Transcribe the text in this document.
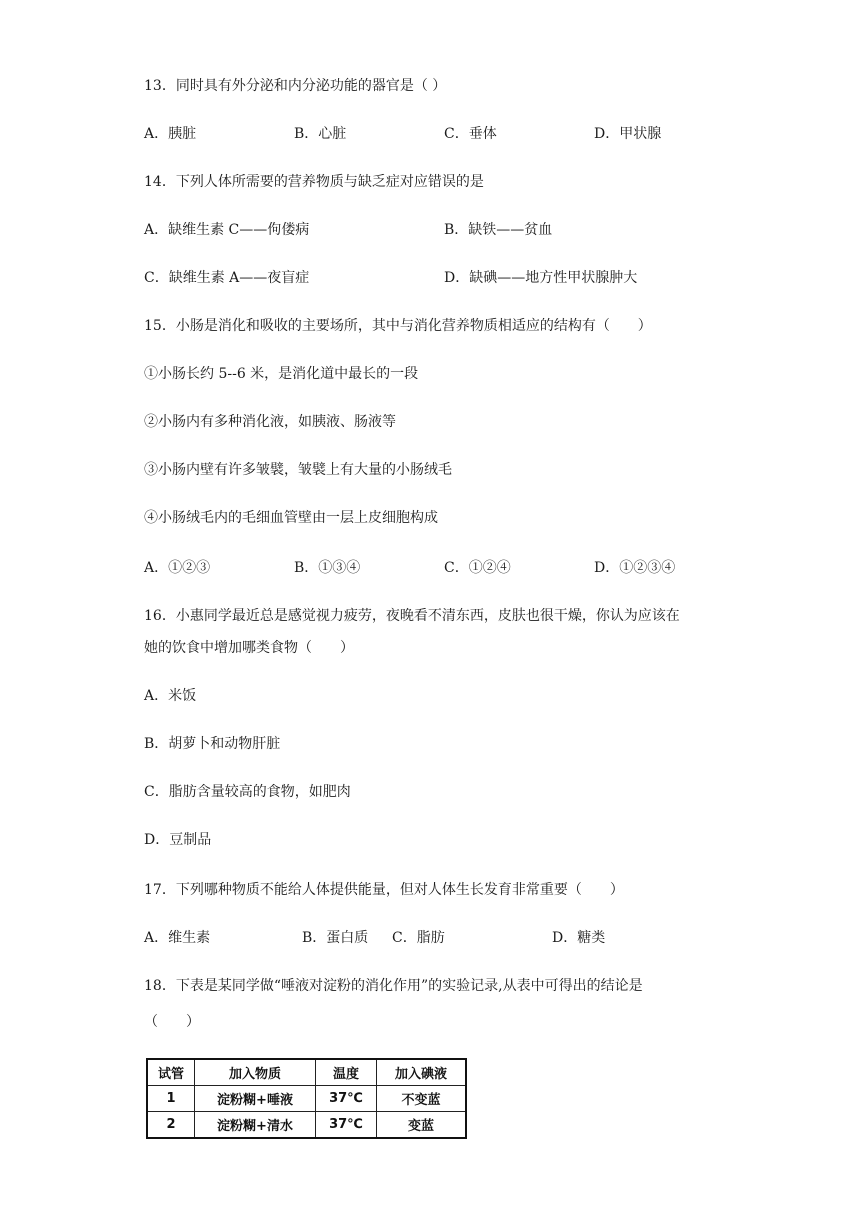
13．同时具有外分泌和内分泌功能的器官是（ ）
A．胰脏	B．心脏	C．垂体	D．甲状腺
14．下列人体所需要的营养物质与缺乏症对应错误的是
A．缺维生素 C——佝偻病	B．缺铁——贫血
C．缺维生素 A——夜盲症	D．缺碘——地方性甲状腺肿大
15．小肠是消化和吸收的主要场所，其中与消化营养物质相适应的结构有（　　）
①小肠长约 5--6 米，是消化道中最长的一段
②小肠内有多种消化液，如胰液、肠液等
③小肠内壁有许多皱襞，皱襞上有大量的小肠绒毛
④小肠绒毛内的毛细血管壁由一层上皮细胞构成
A．①②③	B．①③④	C．①②④	D．①②③④
16．小惠同学最近总是感觉视力疲劳，夜晚看不清东西，皮肤也很干燥，你认为应该在
她的饮食中增加哪类食物（　　）
A．米饭
B．胡萝卜和动物肝脏
C．脂肪含量较高的食物，如肥肉
D．豆制品
17．下列哪种物质不能给人体提供能量，但对人体生长发育非常重要（　　）
A．维生素	B．蛋白质 C．脂肪	D．糖类
18．下表是某同学做“唾液对淀粉的消化作用”的实验记录,从表中可得出的结论是
（　　）
试管	加入物质	温度	加入碘液
1	淀粉糊+唾液	37℃	不变蓝
2	淀粉糊+清水	37℃	变蓝
